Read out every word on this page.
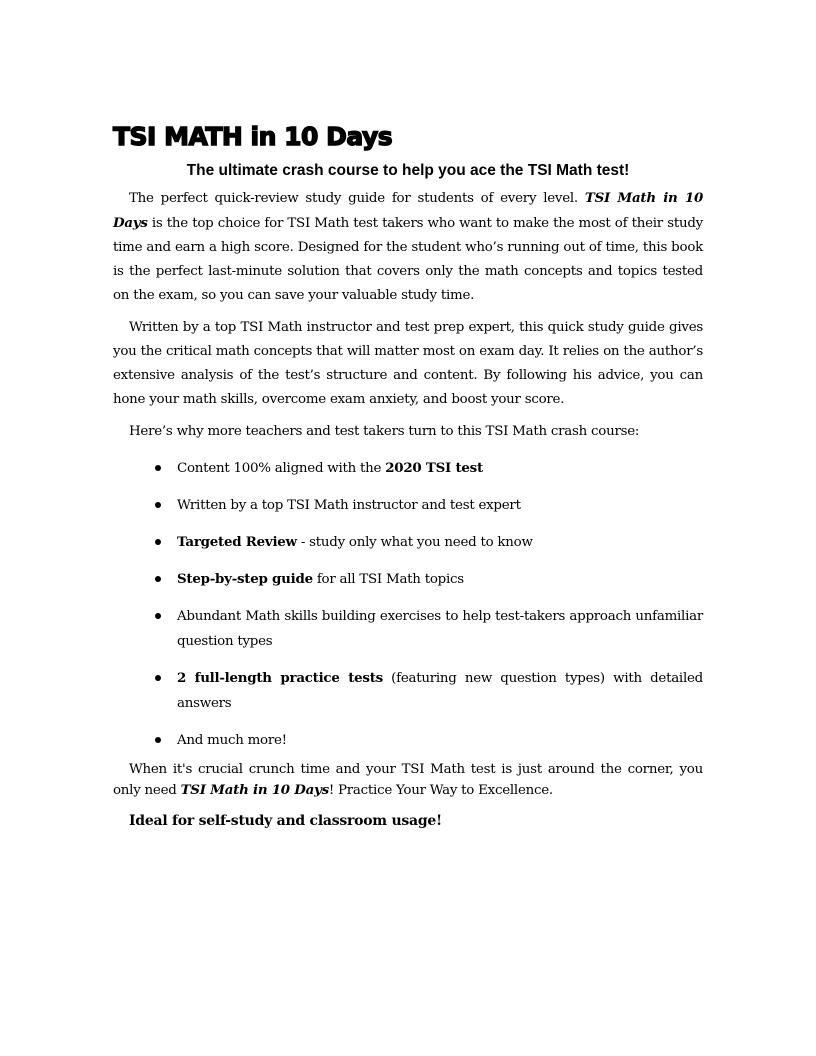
TSI MATH in 10 Days
The ultimate crash course to help you ace the TSI Math test!

The perfect quick-review study guide for students of every level. TSI Math in 10 Days is the top choice for TSI Math test takers who want to make the most of their study time and earn a high score. Designed for the student who’s running out of time, this book is the perfect last-minute solution that covers only the math concepts and topics tested on the exam, so you can save your valuable study time.

Written by a top TSI Math instructor and test prep expert, this quick study guide gives you the critical math concepts that will matter most on exam day. It relies on the author’s extensive analysis of the test’s structure and content. By following his advice, you can hone your math skills, overcome exam anxiety, and boost your score.

Here’s why more teachers and test takers turn to this TSI Math crash course:

Content 100% aligned with the 2020 TSI test
Written by a top TSI Math instructor and test expert
Targeted Review - study only what you need to know
Step-by-step guide for all TSI Math topics
Abundant Math skills building exercises to help test-takers approach unfamiliar question types
2 full-length practice tests (featuring new question types) with detailed answers
And much more!

When it's crucial crunch time and your TSI Math test is just around the corner, you only need TSI Math in 10 Days! Practice Your Way to Excellence.

Ideal for self-study and classroom usage!
